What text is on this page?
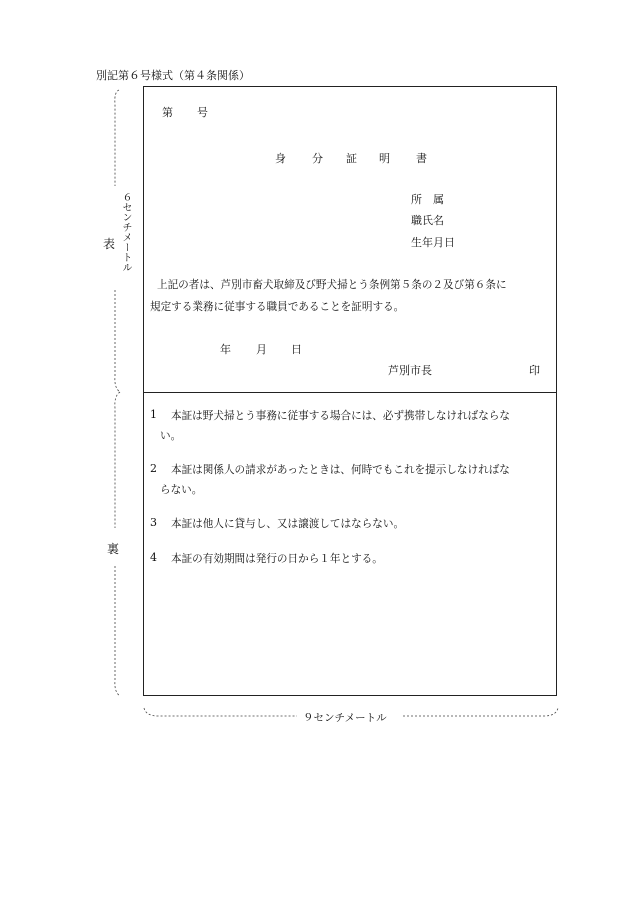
別記第６号様式（第４条関係）
第 号
身 分 証 明 書
所　属
職氏名
生年月日
上記の者は、芦別市畜犬取締及び野犬掃とう条例第５条の２及び第６条に
規定する業務に従事する職員であることを証明する。
年 月 日
芦別市長	印
1 本証は野犬掃とう事務に従事する場合には、必ず携帯しなければならな
い。
2 本証は関係人の請求があったときは、何時でもこれを提示しなければな
らない。
3 本証は他人に貸与し、又は譲渡してはならない。
4 本証の有効期間は発行の日から１年とする。
表
裏
６センチメートル
９センチメートル
